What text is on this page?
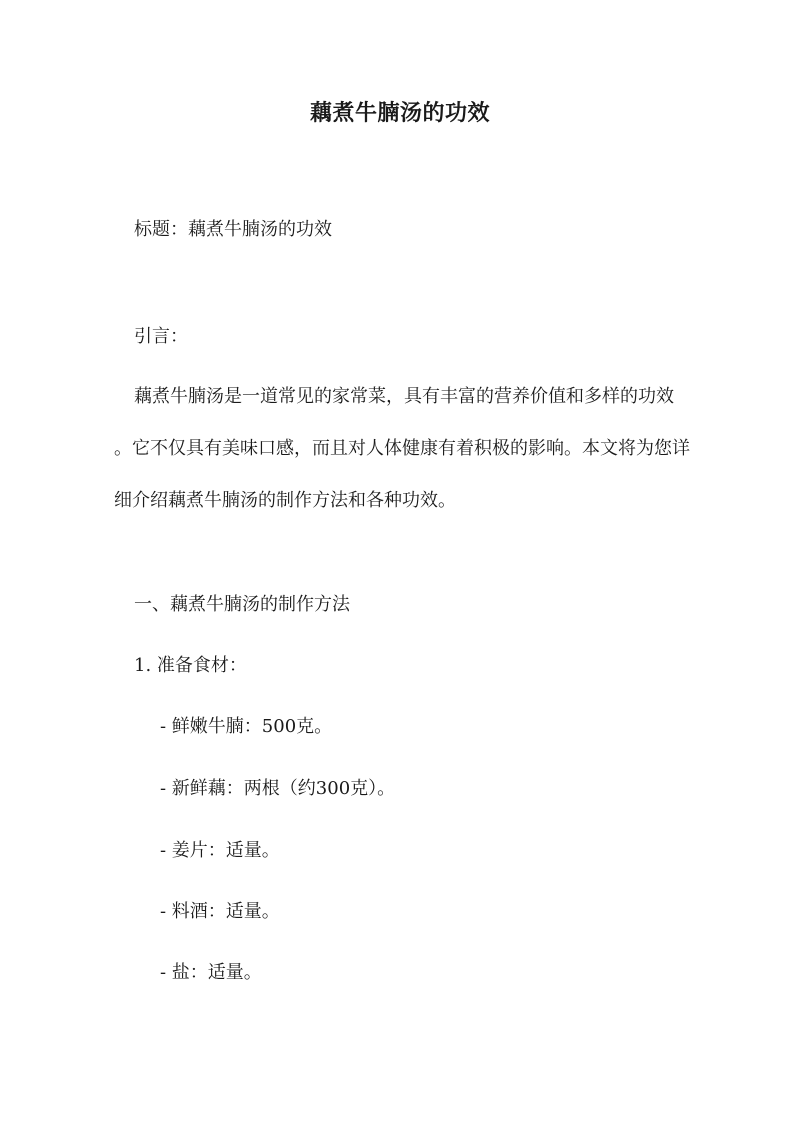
藕煮牛腩汤的功效
标题：藕煮牛腩汤的功效
引言：
藕煮牛腩汤是一道常见的家常菜，具有丰富的营养价值和多样的功效
。它不仅具有美味口感，而且对人体健康有着积极的影响。本文将为您详
细介绍藕煮牛腩汤的制作方法和各种功效。
一、藕煮牛腩汤的制作方法
1. 准备食材：
- 鲜嫩牛腩：500克。
- 新鲜藕：两根（约300克）。
- 姜片：适量。
- 料酒：适量。
- 盐：适量。
